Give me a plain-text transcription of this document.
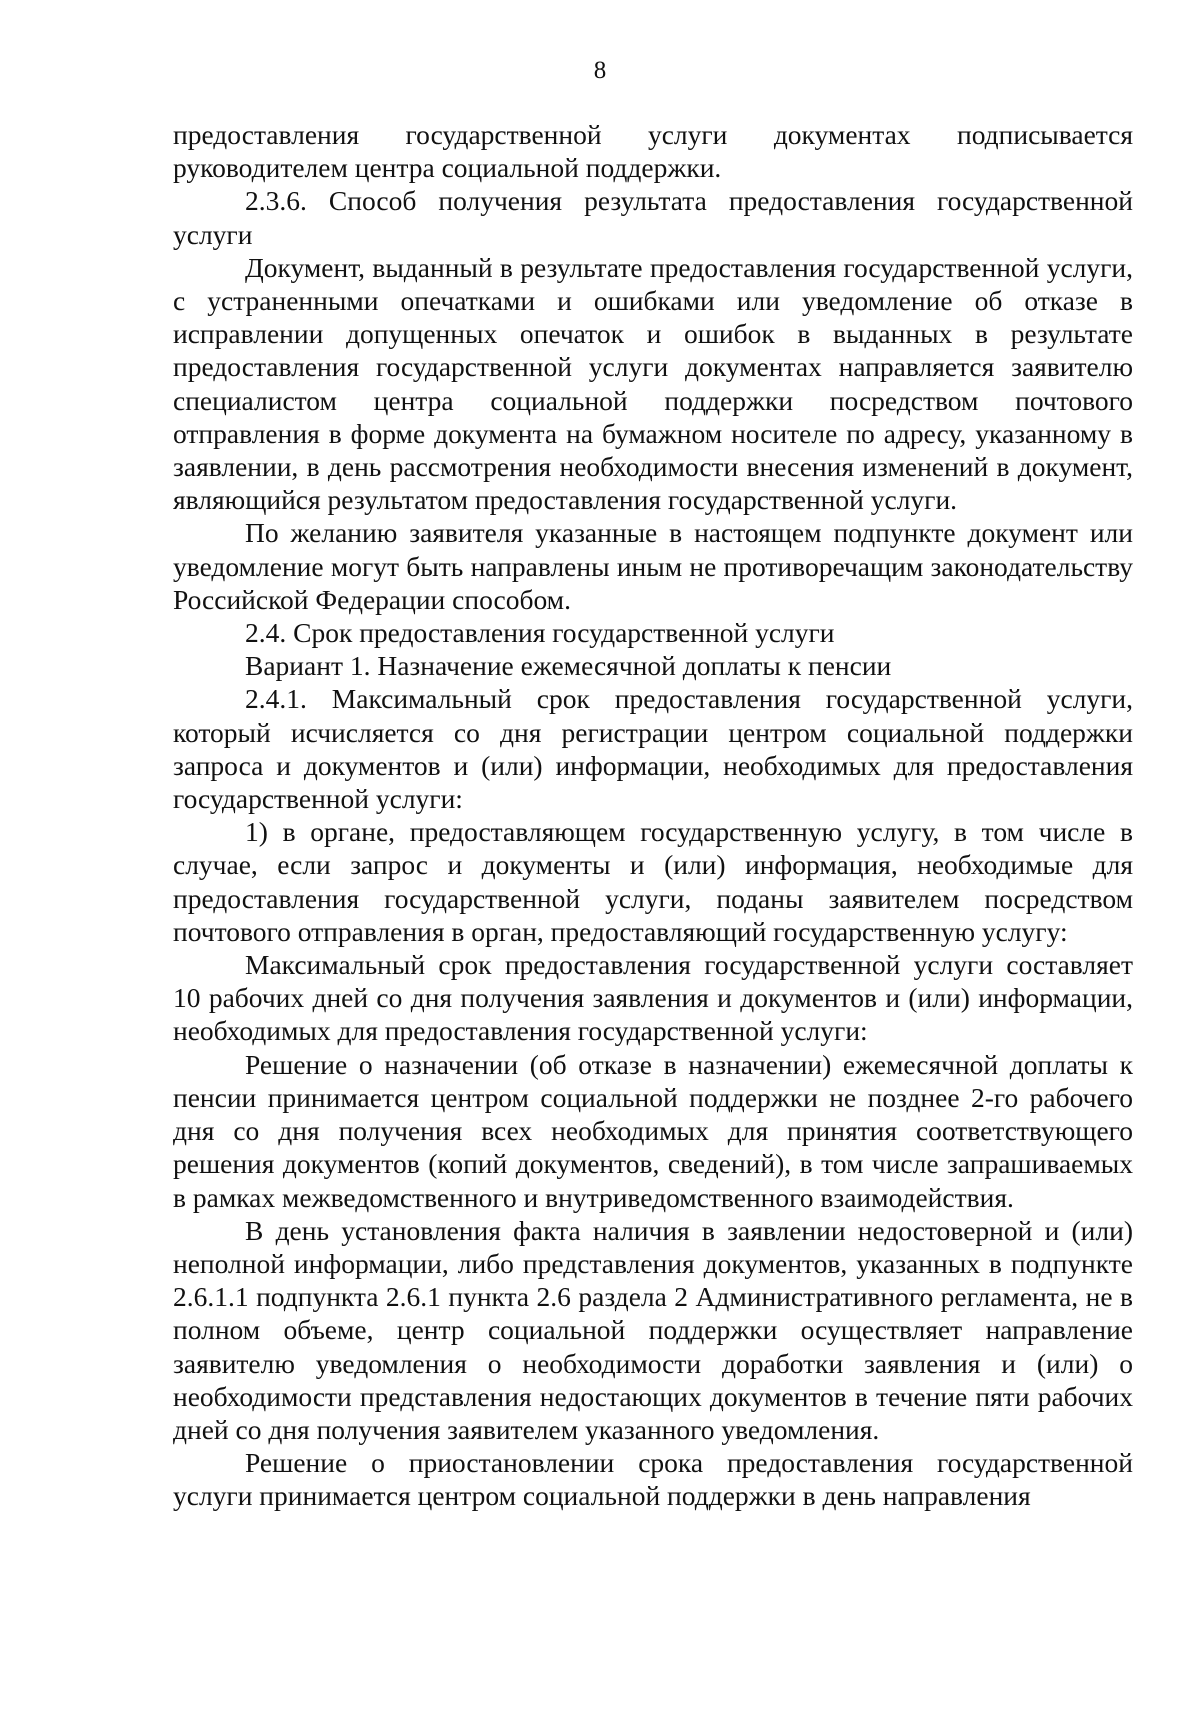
8

предоставления государственной услуги документах подписывается руководителем центра социальной поддержки.

2.3.6. Способ получения результата предоставления государственной услуги

Документ, выданный в результате предоставления государственной услуги, с устраненными опечатками и ошибками или уведомление об отказе в исправлении допущенных опечаток и ошибок в выданных в результате предоставления государственной услуги документах направляется заявителю специалистом центра социальной поддержки посредством почтового отправления в форме документа на бумажном носителе по адресу, указанному в заявлении, в день рассмотрения необходимости внесения изменений в документ, являющийся результатом предоставления государственной услуги.

По желанию заявителя указанные в настоящем подпункте документ или уведомление могут быть направлены иным не противоречащим законодательству Российской Федерации способом.

2.4. Срок предоставления государственной услуги

Вариант 1. Назначение ежемесячной доплаты к пенсии

2.4.1. Максимальный срок предоставления государственной услуги, который исчисляется со дня регистрации центром социальной поддержки запроса и документов и (или) информации, необходимых для предоставления государственной услуги:

1) в органе, предоставляющем государственную услугу, в том числе в случае, если запрос и документы и (или) информация, необходимые для предоставления государственной услуги, поданы заявителем посредством почтового отправления в орган, предоставляющий государственную услугу:

Максимальный срок предоставления государственной услуги составляет 10 рабочих дней со дня получения заявления и документов и (или) информации, необходимых для предоставления государственной услуги:

Решение о назначении (об отказе в назначении) ежемесячной доплаты к пенсии принимается центром социальной поддержки не позднее 2-го рабочего дня со дня получения всех необходимых для принятия соответствующего решения документов (копий документов, сведений), в том числе запрашиваемых в рамках межведомственного и внутриведомственного взаимодействия.

В день установления факта наличия в заявлении недостоверной и (или) неполной информации, либо представления документов, указанных в подпункте 2.6.1.1 подпункта 2.6.1 пункта 2.6 раздела 2 Административного регламента, не в полном объеме, центр социальной поддержки осуществляет направление заявителю уведомления о необходимости доработки заявления и (или) о необходимости представления недостающих документов в течение пяти рабочих дней со дня получения заявителем указанного уведомления.

Решение о приостановлении срока предоставления государственной услуги принимается центром социальной поддержки в день направления
